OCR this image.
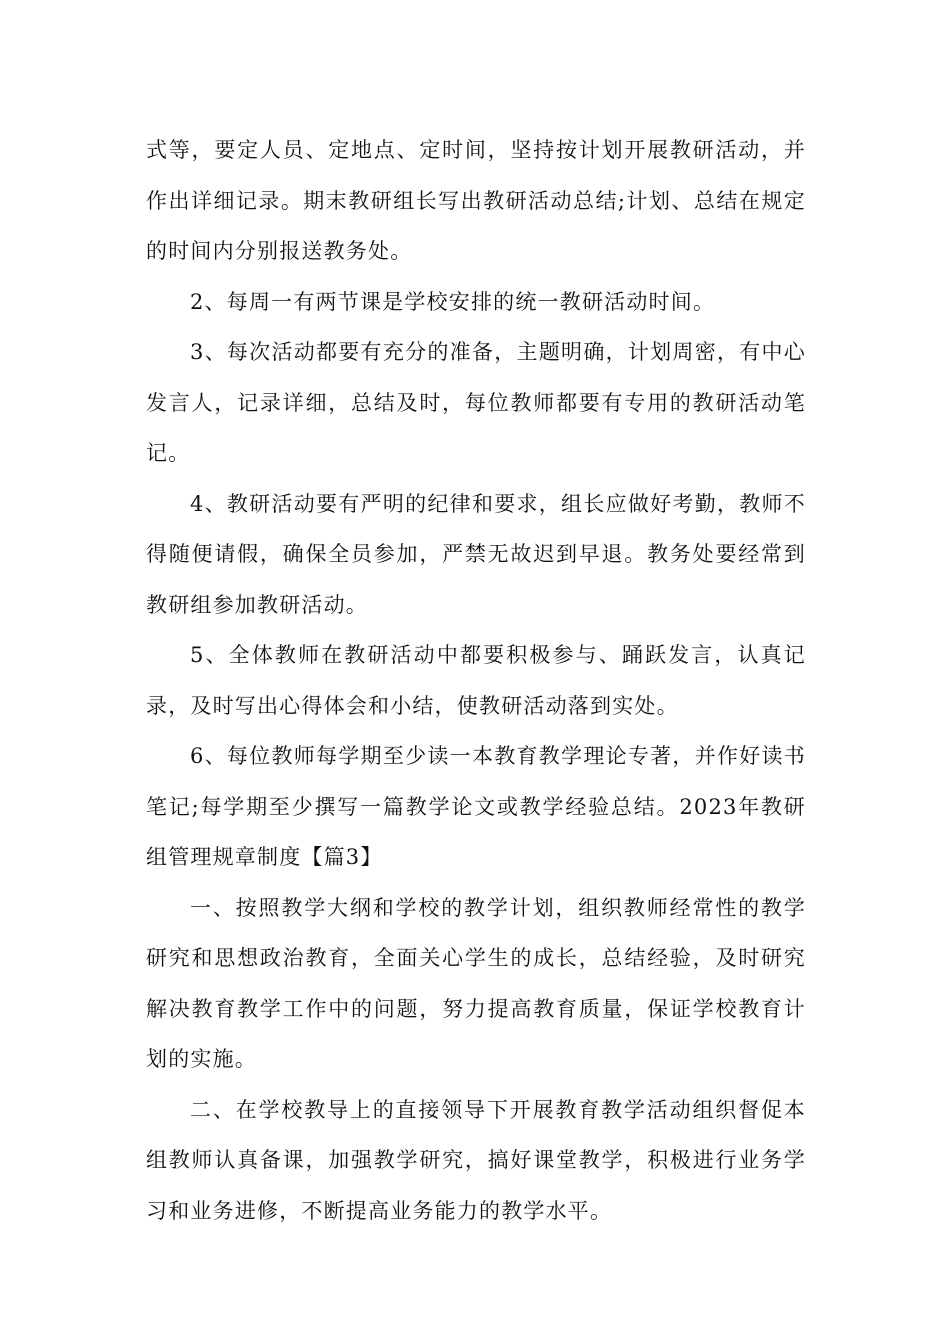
式等，要定人员、定地点、定时间，坚持按计划开展教研活动，并作出详细记录。期末教研组长写出教研活动总结;计划、总结在规定的时间内分别报送教务处。

2、每周一有两节课是学校安排的统一教研活动时间。

3、每次活动都要有充分的准备，主题明确，计划周密，有中心发言人，记录详细，总结及时，每位教师都要有专用的教研活动笔记。

4、教研活动要有严明的纪律和要求，组长应做好考勤，教师不得随便请假，确保全员参加，严禁无故迟到早退。教务处要经常到教研组参加教研活动。

5、全体教师在教研活动中都要积极参与、踊跃发言，认真记录，及时写出心得体会和小结，使教研活动落到实处。

6、每位教师每学期至少读一本教育教学理论专著，并作好读书笔记;每学期至少撰写一篇教学论文或教学经验总结。2023年教研组管理规章制度【篇3】

一、按照教学大纲和学校的教学计划，组织教师经常性的教学研究和思想政治教育，全面关心学生的成长，总结经验，及时研究解决教育教学工作中的问题，努力提高教育质量，保证学校教育计划的实施。

二、在学校教导上的直接领导下开展教育教学活动组织督促本组教师认真备课，加强教学研究，搞好课堂教学，积极进行业务学习和业务进修，不断提高业务能力的教学水平。
